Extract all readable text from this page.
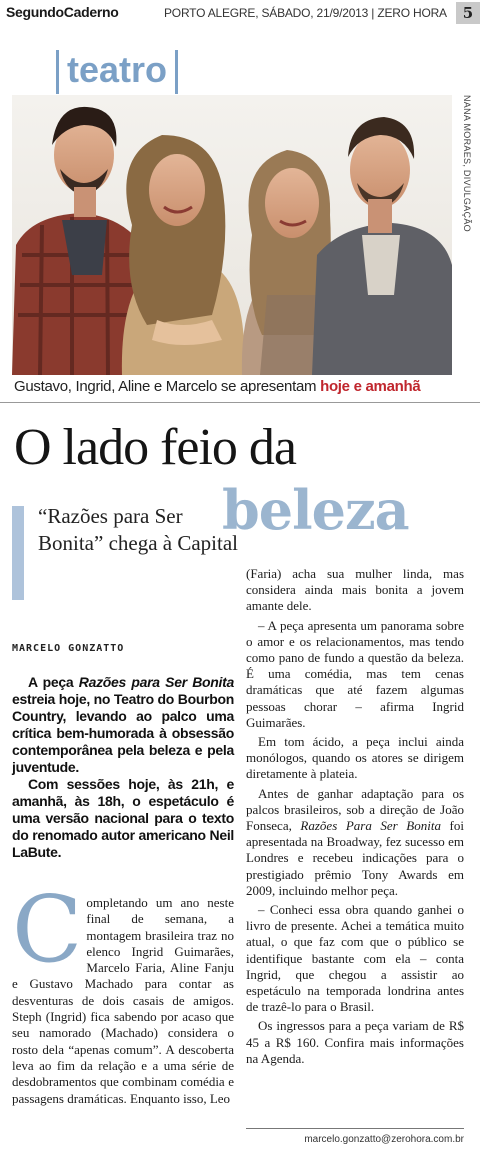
SegundoCaderno	PORTO ALEGRE, SÁBADO, 21/9/2013 | ZERO HORA	5
teatro
NANA MORAES, DIVULGAÇÃO
Gustavo, Ingrid, Aline e Marcelo se apresentam hoje e amanhã
O lado feio da
beleza
“Razões para Ser Bonita” chega à Capital
MARCELO GONZATTO

A peça Razões para Ser Bonita estreia hoje, no Teatro do Bourbon Country, levando ao palco uma crítica bem-humorada à obsessão contemporânea pela beleza e pela juventude.

Com sessões hoje, às 21h, e amanhã, às 18h, o espetáculo é uma versão nacional para o texto do renomado autor americano Neil LaBute.

C ompletando um ano neste final de semana, a montagem brasileira traz no elenco Ingrid Guimarães, Marcelo Faria, Aline Fanju e Gustavo Machado para contar as desventuras de dois casais de amigos. Steph (Ingrid) fica sabendo por acaso que seu namorado (Machado) considera o rosto dela “apenas comum”. A descoberta leva ao fim da relação e a uma série de desdobramentos que combinam comédia e passagens dramáticas. Enquanto isso, Leo

(Faria) acha sua mulher linda, mas considera ainda mais bonita a jovem amante dele.

– A peça apresenta um panorama sobre o amor e os relacionamentos, mas tendo como pano de fundo a questão da beleza. É uma comédia, mas tem cenas dramáticas que até fazem algumas pessoas chorar – afirma Ingrid Guimarães.

Em tom ácido, a peça inclui ainda monólogos, quando os atores se dirigem diretamente à plateia.

Antes de ganhar adaptação para os palcos brasileiros, sob a direção de João Fonseca, Razões Para Ser Bonita foi apresentada na Broadway, fez sucesso em Londres e recebeu indicações para o prestigiado prêmio Tony Awards em 2009, incluindo melhor peça.

– Conheci essa obra quando ganhei o livro de presente. Achei a temática muito atual, o que faz com que o público se identifique bastante com ela – conta Ingrid, que chegou a assistir ao espetáculo na temporada londrina antes de trazê-lo para o Brasil.

Os ingressos para a peça variam de R$ 45 a R$ 160. Confira mais informações na Agenda.

marcelo.gonzatto@zerohora.com.br
